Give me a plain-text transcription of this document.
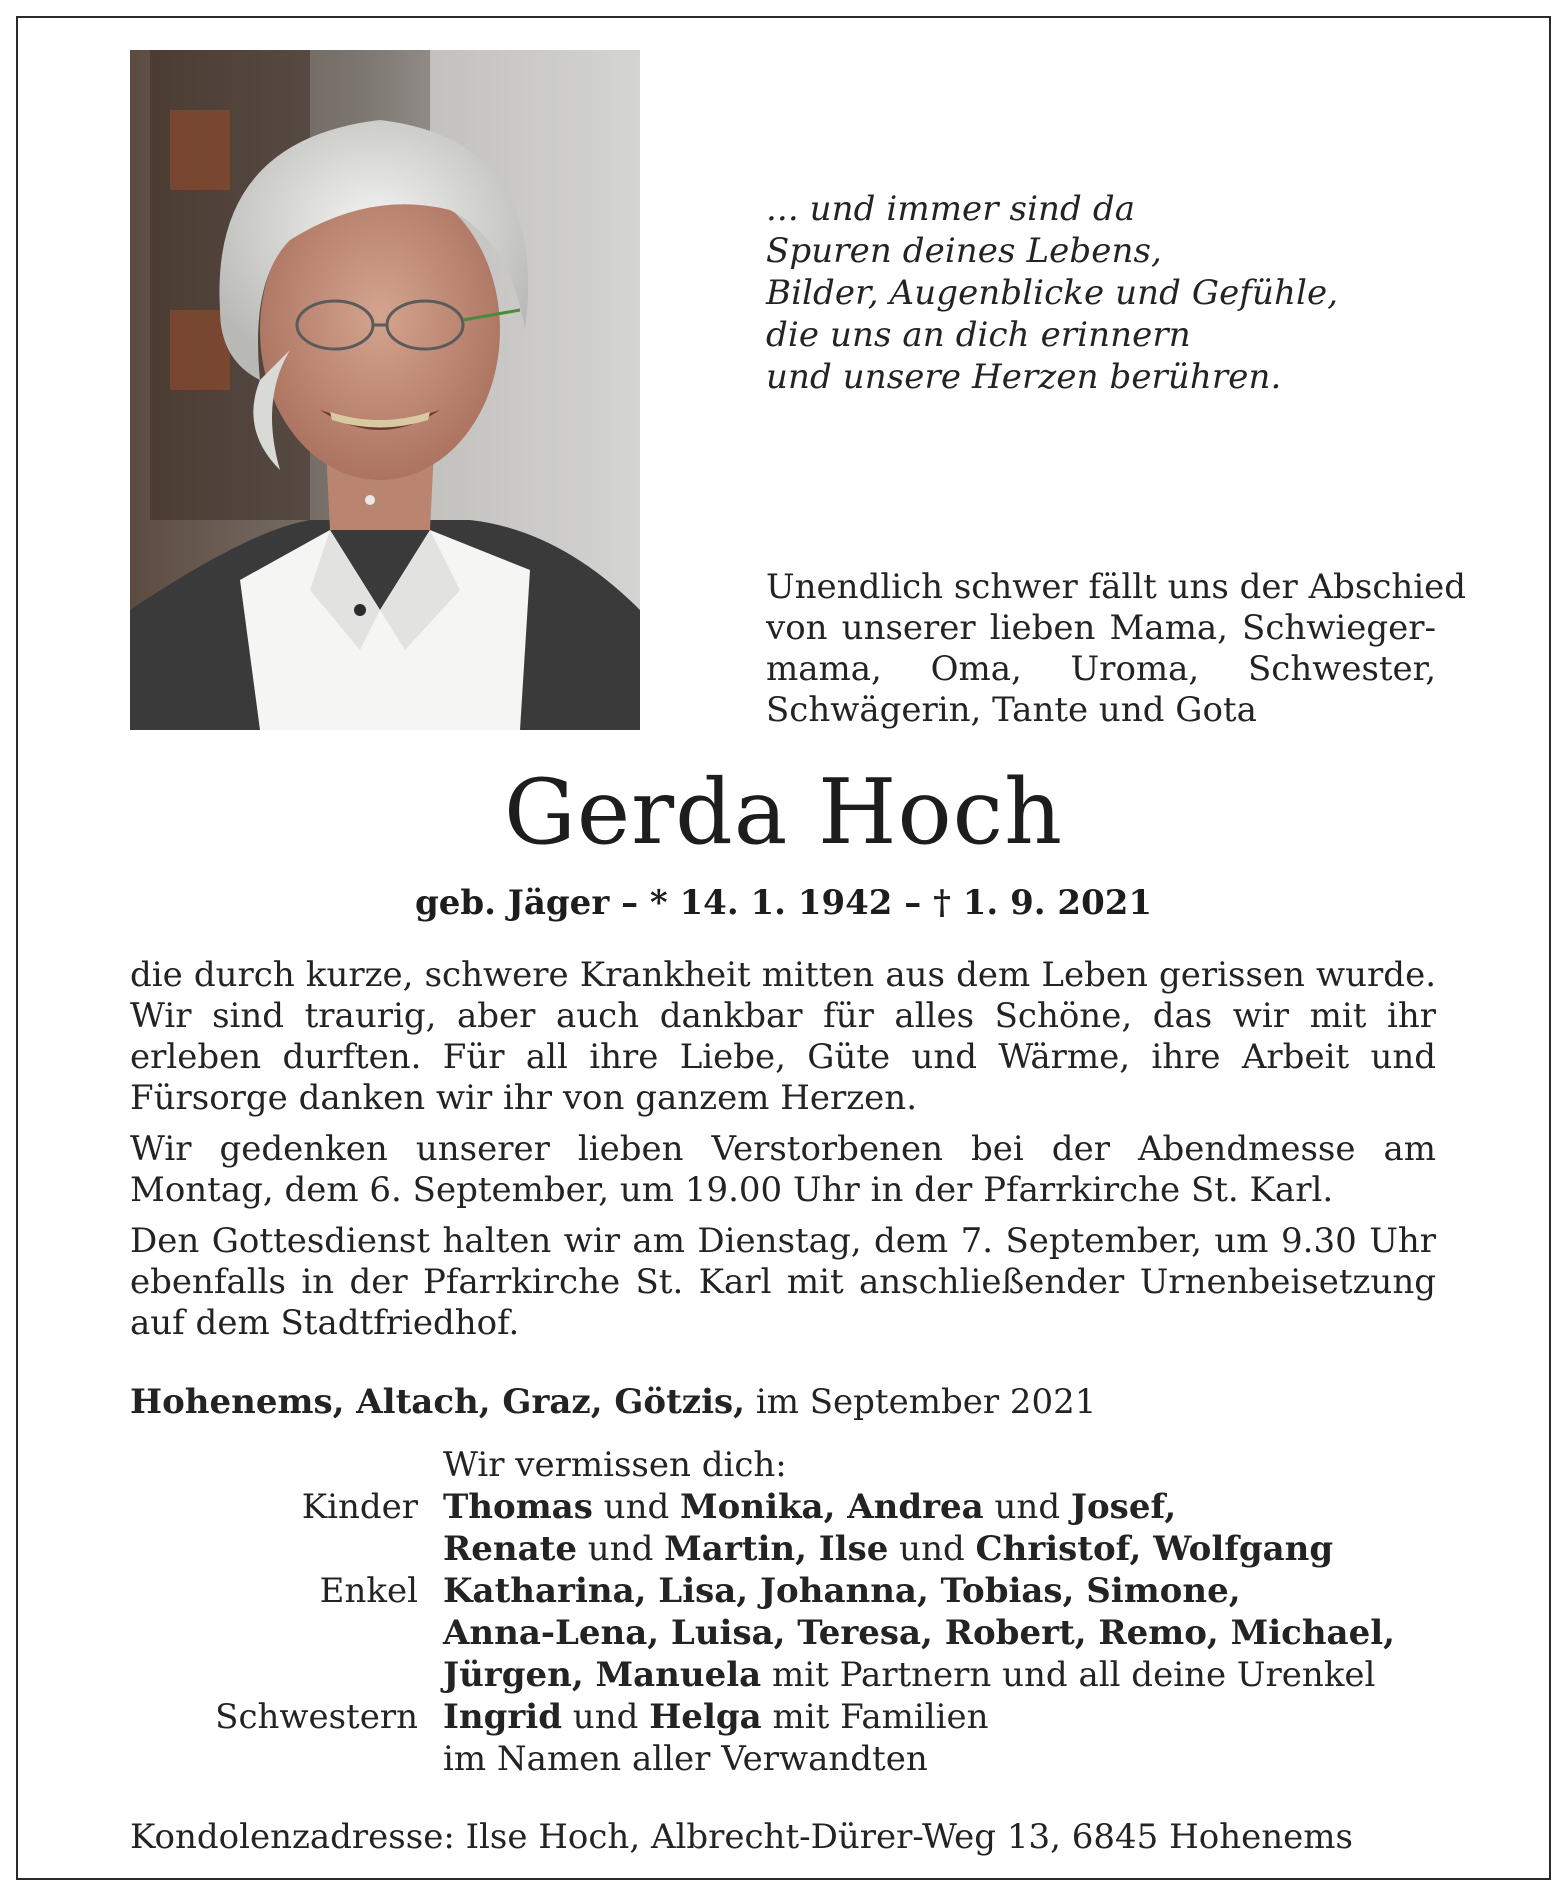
... und immer sind da
Spuren deines Lebens,
Bilder, Augenblicke und Gefühle,
die uns an dich erinnern
und unsere Herzen berühren.
Unendlich schwer fällt uns der Abschied
von unserer lieben Mama, Schwieger-
mama, Oma, Uroma, Schwester,
Schwägerin, Tante und Gota
Gerda Hoch
geb. Jäger – * 14. 1. 1942 – † 1. 9. 2021

die durch kurze, schwere Krankheit mitten aus dem Leben gerissen wurde. Wir sind traurig, aber auch dankbar für alles Schöne, das wir mit ihr erleben durften. Für all ihre Liebe, Güte und Wärme, ihre Arbeit und Fürsorge danken wir ihr von ganzem Herzen.

Wir gedenken unserer lieben Verstorbenen bei der Abendmesse am Montag, dem 6. September, um 19.00 Uhr in der Pfarrkirche St. Karl.

Den Gottesdienst halten wir am Dienstag, dem 7. September, um 9.30 Uhr ebenfalls in der Pfarrkirche St. Karl mit anschließender Urnenbeisetzung auf dem Stadtfriedhof.

Hohenems, Altach, Graz, Götzis, im September 2021
Wir vermissen dich:
Kinder Thomas und Monika, Andrea und Josef,
Renate und Martin, Ilse und Christof, Wolfgang
Enkel Katharina, Lisa, Johanna, Tobias, Simone,
Anna-Lena, Luisa, Teresa, Robert, Remo, Michael,
Jürgen, Manuela mit Partnern und all deine Urenkel
Schwestern Ingrid und Helga mit Familien
im Namen aller Verwandten
Kondolenzadresse: Ilse Hoch, Albrecht-Dürer-Weg 13, 6845 Hohenems
